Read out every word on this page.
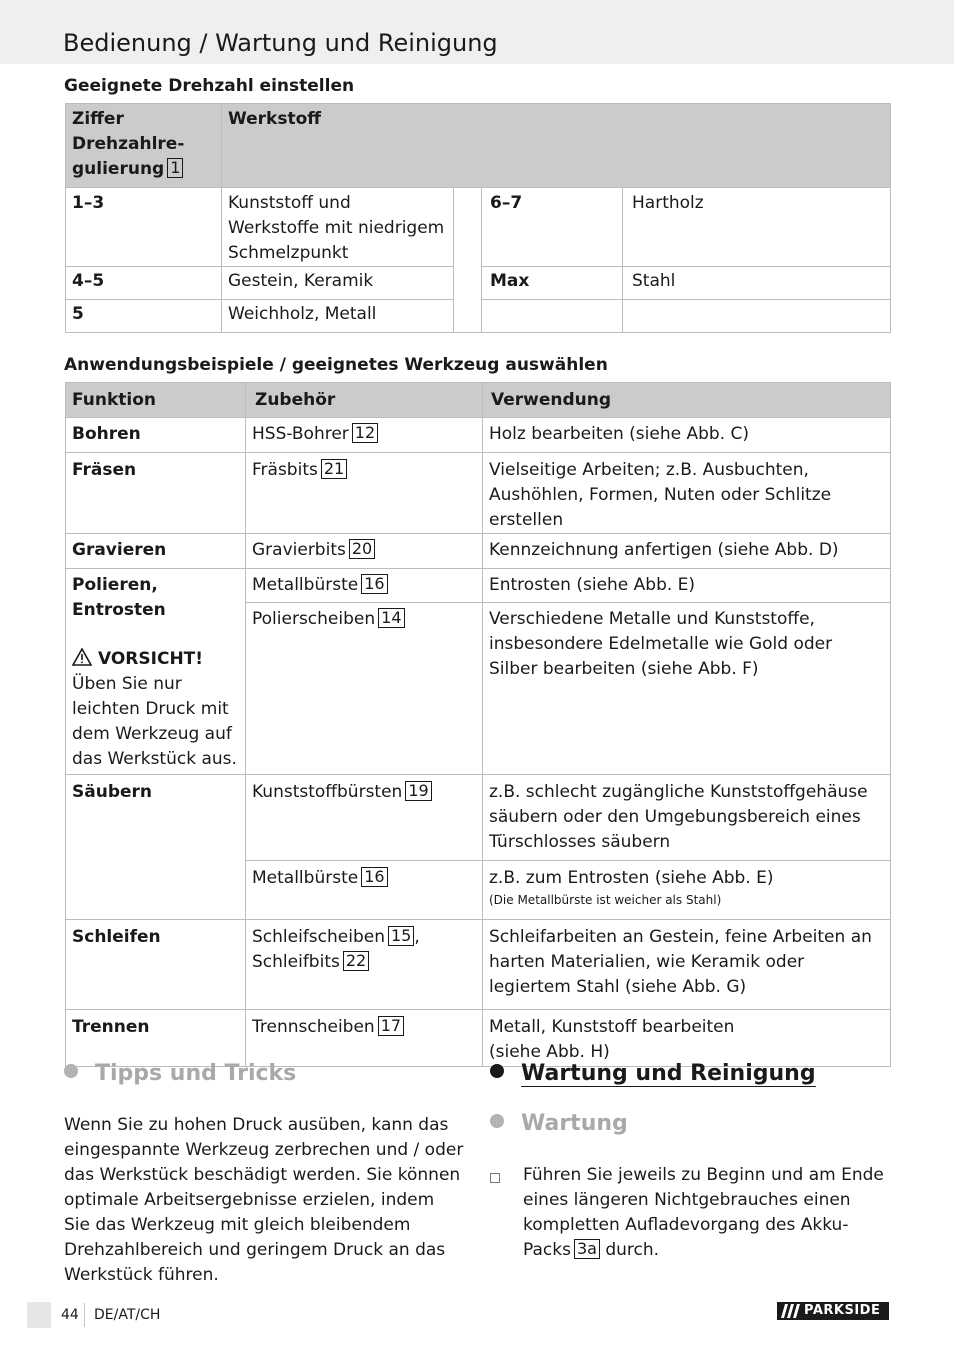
Bedienung / Wartung und Reinigung
Geeignete Drehzahl einstellen
Ziffer
Drehzahlre-
gulierung 1	Werkstoff			
1–3	Kunststoff und Werkstoffe mit niedrigem Schmelzpunkt		6–7	Hartholz
4–5	Gestein, Keramik		Max	Stahl
5	Weichholz, Metall			
Anwendungsbeispiele / geeignetes Werkzeug auswählen
Funktion	Zubehör	Verwendung
Bohren	HSS-Bohrer 12	Holz bearbeiten (siehe Abb. C)
Fräsen	Fräsbits 21	Vielseitige Arbeiten; z.B. Ausbuchten, Aushöhlen, Formen, Nuten oder Schlitze erstellen
Gravieren	Gravierbits 20	Kennzeichnung anfertigen (siehe Abb. D)
Polieren,
Entrosten
VORSICHT!
Üben Sie nur leichten Druck mit dem Werkzeug auf das Werkstück aus.	Metallbürste 16	Entrosten (siehe Abb. E)
	Polierscheiben 14	Verschiedene Metalle und Kunststoffe, insbesondere Edelmetalle wie Gold oder Silber bearbeiten (siehe Abb. F)
Säubern	Kunststoffbürsten 19	z.B. schlecht zugängliche Kunststoffgehäuse säubern oder den Umgebungsbereich eines Türschlosses säubern
	Metallbürste 16	z.B. zum Entrosten (siehe Abb. E)
(Die Metallbürste ist weicher als Stahl)

Schleifen	Schleifscheiben 15 ,
Schleifbits 22	Schleifarbeiten an Gestein, feine Arbeiten an harten Materialien, wie Keramik oder legiertem Stahl (siehe Abb. G)
Trennen	Trennscheiben 17	Metall, Kunststoff bearbeiten
(siehe Abb. H)
Tipps und Tricks

Wenn Sie zu hohen Druck ausüben, kann das eingespannte Werkzeug zerbrechen und / oder das Werkstück beschädigt werden. Sie können optimale Arbeitsergebnisse erzielen, indem Sie das Werkzeug mit gleich bleibendem Drehzahlbereich und geringem Druck an das Werkstück führen.

Wartung und Reinigung
Wartung

Führen Sie jeweils zu Beginn und am Ende eines längeren Nichtgebrauches einen kompletten Aufladevorgang des Akku-Packs 3a durch.

44 DE/AT/CH	PARKSIDE
